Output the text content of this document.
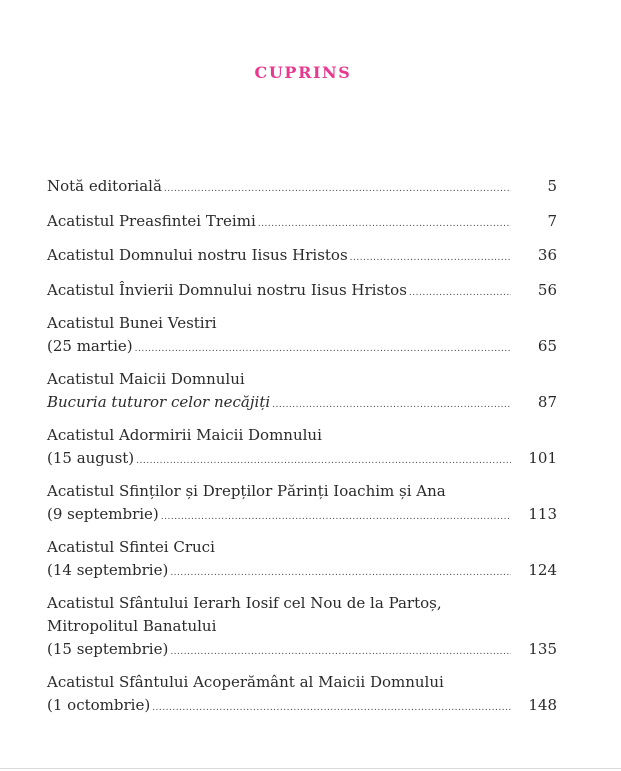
CUPRINS
Notă editorială .....	5
Acatistul Preasfintei Treimi .....	7
Acatistul Domnului nostru Iisus Hristos .....	36
Acatistul Învierii Domnului nostru Iisus Hristos .....	56
Acatistul Bunei Vestiri
(25 martie) .....	65
Acatistul Maicii Domnului
Bucuria tuturor celor necăjiți .....	87
Acatistul Adormirii Maicii Domnului
(15 august) .....	101
Acatistul Sfinților și Drepților Părinți Ioachim și Ana
(9 septembrie) .....	113
Acatistul Sfintei Cruci
(14 septembrie) .....	124
Acatistul Sfântului Ierarh Iosif cel Nou de la Partoș,
Mitropolitul Banatului
(15 septembrie) .....	135
Acatistul Sfântului Acoperământ al Maicii Domnului
(1 octombrie) .....	148
